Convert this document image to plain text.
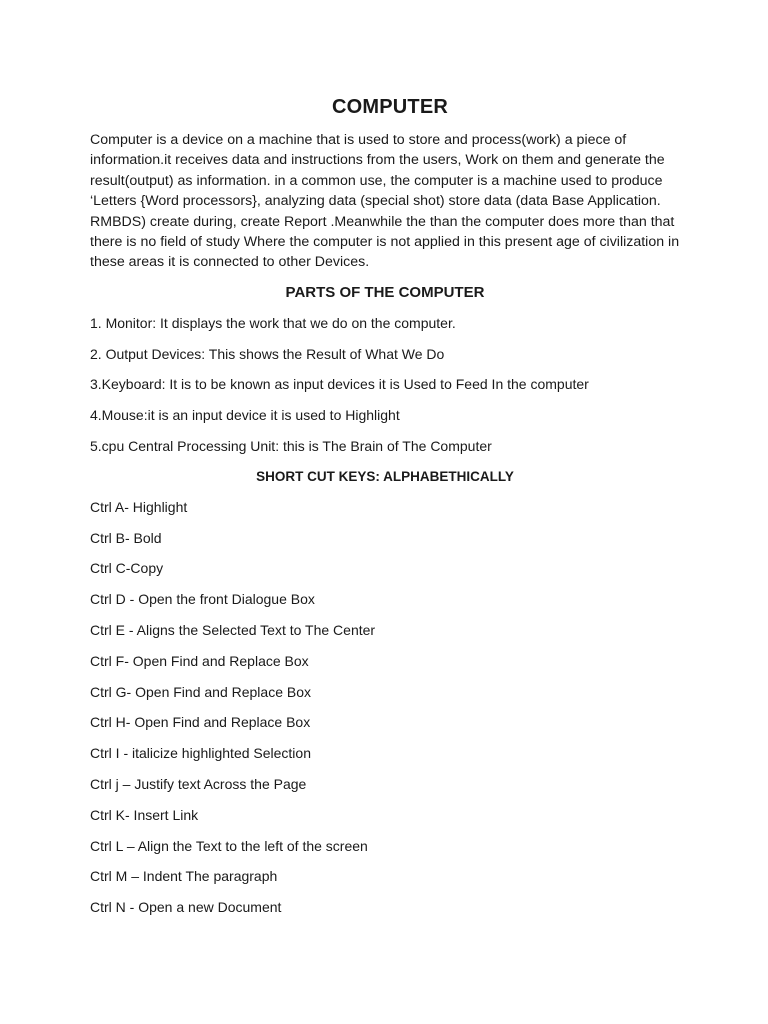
COMPUTER

Computer is a device on a machine that is used to store and process(work) a piece of information.it receives data and instructions from the users, Work on them and generate the result(output) as information. in a common use, the computer is a machine used to produce ‘Letters {Word processors}, analyzing data (special shot) store data (data Base Application. RMBDS) create during, create Report .Meanwhile the than the computer does more than that there is no field of study Where the computer is not applied in this present age of civilization in these areas it is connected to other Devices.

PARTS OF THE COMPUTER

1. Monitor: It displays the work that we do on the computer.

2. Output Devices: This shows the Result of What We Do

3.Keyboard: It is to be known as input devices it is Used to Feed In the computer

4.Mouse:it is an input device it is used to Highlight

5.cpu Central Processing Unit: this is The Brain of The Computer

SHORT CUT KEYS: ALPHABETHICALLY

Ctrl A- Highlight

Ctrl B- Bold

Ctrl C-Copy

Ctrl D - Open the front Dialogue Box

Ctrl E - Aligns the Selected Text to The Center

Ctrl F- Open Find and Replace Box

Ctrl G- Open Find and Replace Box

Ctrl H- Open Find and Replace Box

Ctrl I - italicize highlighted Selection

Ctrl j – Justify text Across the Page

Ctrl K- Insert Link

Ctrl L – Align the Text to the left of the screen

Ctrl M – Indent The paragraph

Ctrl N - Open a new Document
